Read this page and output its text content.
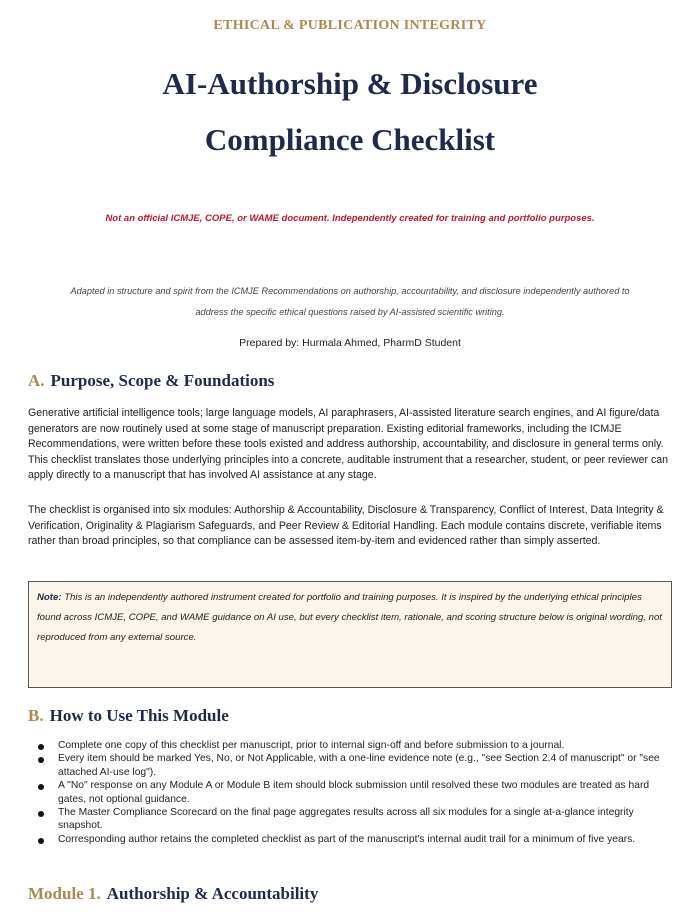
ETHICAL & PUBLICATION INTEGRITY
AI-Authorship & Disclosure
Compliance Checklist
Not an official ICMJE, COPE, or WAME document. Independently created for training and portfolio purposes.
Adapted in structure and spirit from the ICMJE Recommendations on authorship, accountability, and disclosure independently authored to
address the specific ethical questions raised by AI-assisted scientific writing.
Prepared by: Hurmala Ahmed, PharmD Student
A. Purpose, Scope & Foundations
Generative artificial intelligence tools; large language models, AI paraphrasers, AI-assisted literature search engines, and AI figure/data generators are now routinely used at some stage of manuscript preparation. Existing editorial frameworks, including the ICMJE Recommendations, were written before these tools existed and address authorship, accountability, and disclosure in general terms only. This checklist translates those underlying principles into a concrete, auditable instrument that a researcher, student, or peer reviewer can apply directly to a manuscript that has involved AI assistance at any stage.
The checklist is organised into six modules: Authorship & Accountability, Disclosure & Transparency, Conflict of Interest, Data Integrity & Verification, Originality & Plagiarism Safeguards, and Peer Review & Editorial Handling. Each module contains discrete, verifiable items rather than broad principles, so that compliance can be assessed item-by-item and evidenced rather than simply asserted.
Note: This is an independently authored instrument created for portfolio and training purposes. It is inspired by the underlying ethical principles found across ICMJE, COPE, and WAME guidance on AI use, but every checklist item, rationale, and scoring structure below is original wording, not reproduced from any external source.
B. How to Use This Module
Complete one copy of this checklist per manuscript, prior to internal sign-off and before submission to a journal.
Every item should be marked Yes, No, or Not Applicable, with a one-line evidence note (e.g., "see Section 2.4 of manuscript" or "see attached AI-use log").
A "No" response on any Module A or Module B item should block submission until resolved these two modules are treated as hard gates, not optional guidance.
The Master Compliance Scorecard on the final page aggregates results across all six modules for a single at-a-glance integrity snapshot.
Corresponding author retains the completed checklist as part of the manuscript's internal audit trail for a minimum of five years.
Module 1. Authorship & Accountability
